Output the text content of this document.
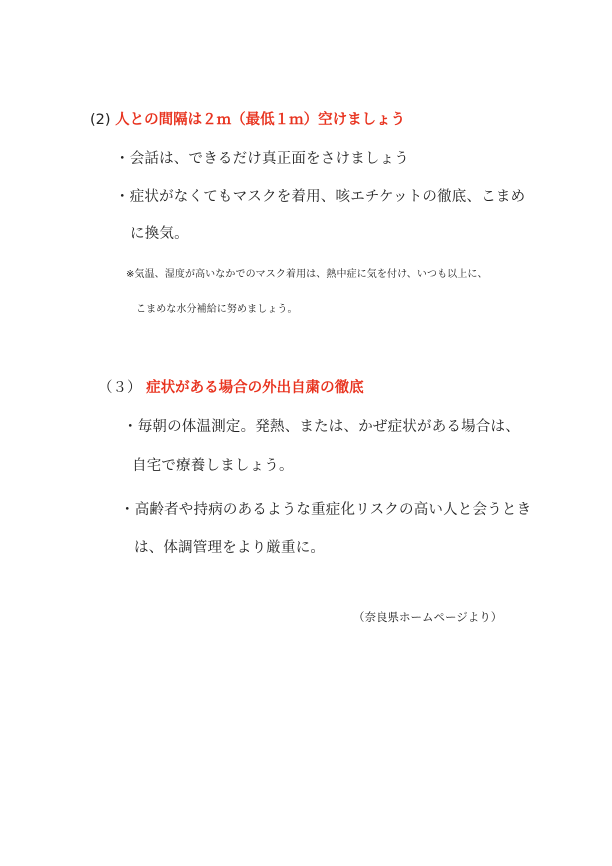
(2) 人との間隔は２ｍ（最低１ｍ）空けましょう
・会話は、できるだけ真正面をさけましょう
・症状がなくてもマスクを着用、咳エチケットの徹底、こまめ
に換気。
※気温、湿度が高いなかでのマスク着用は、熱中症に気を付け、いつも以上に、
こまめな水分補給に努めましょう。
（３） 症状がある場合の外出自粛の徹底
・毎朝の体温測定。発熱、または、かぜ症状がある場合は、
自宅で療養しましょう。
・高齢者や持病のあるような重症化リスクの高い人と会うときは、体調管理をより厳重に。
（奈良県ホームページより）
